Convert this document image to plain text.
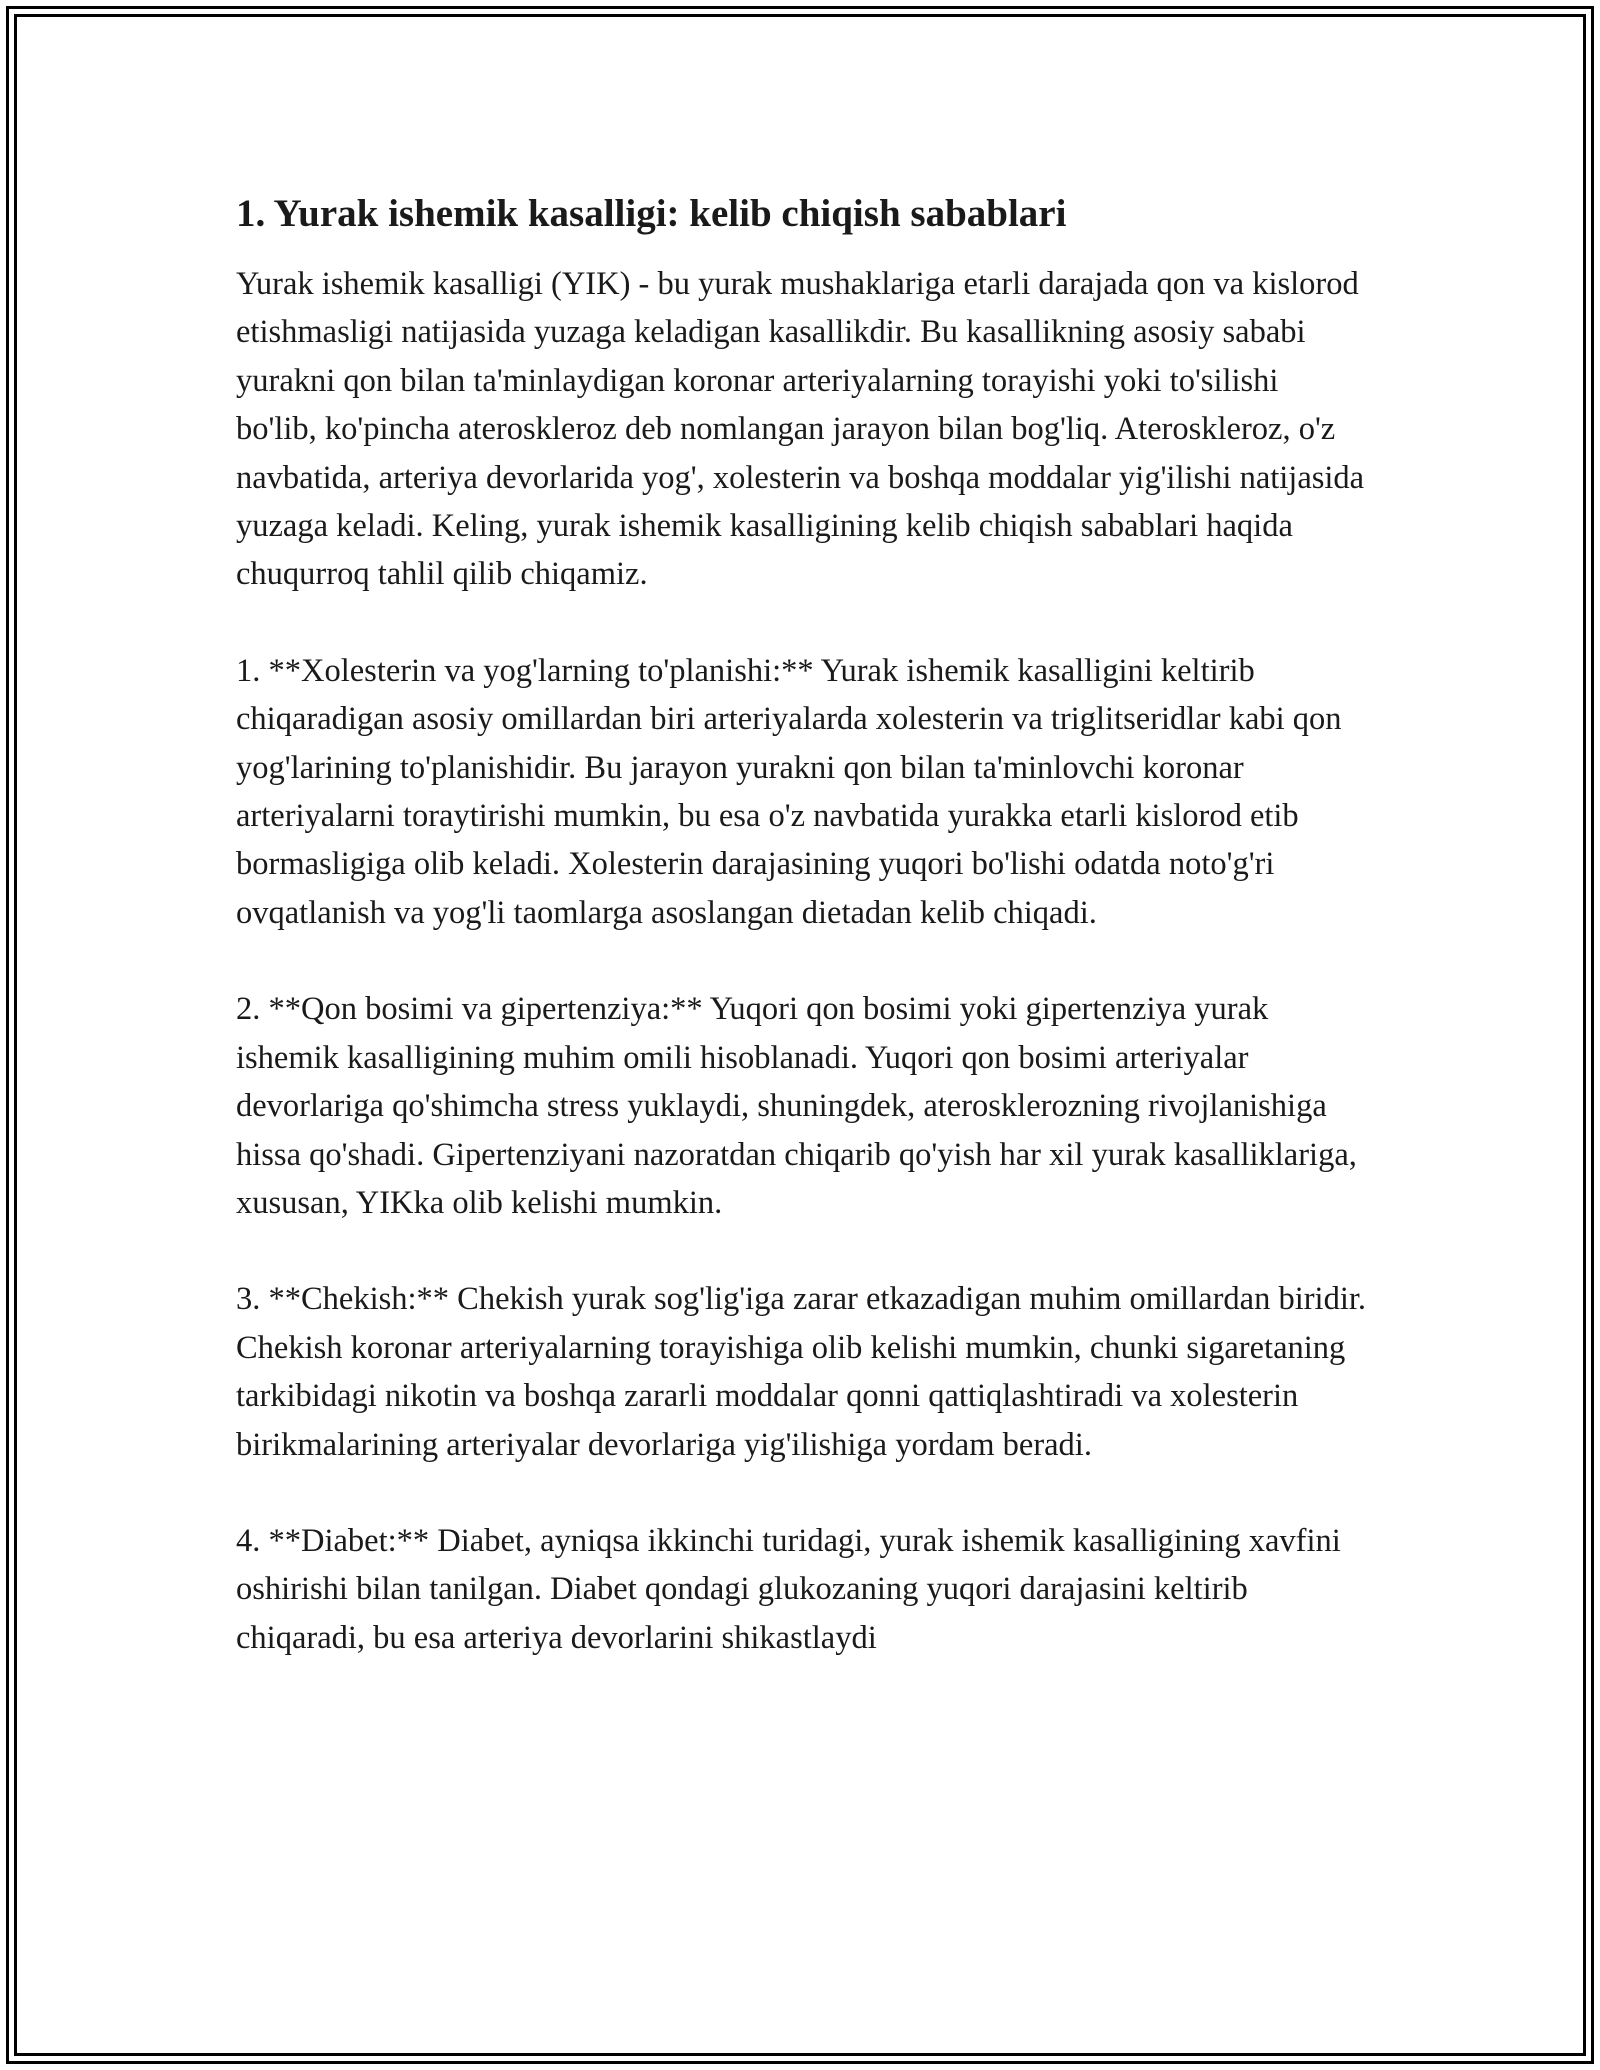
1. Yurak ishemik kasalligi: kelib chiqish sabablari

Yurak ishemik kasalligi (YIK) - bu yurak mushaklariga etarli darajada qon va kislorod etishmasligi natijasida yuzaga keladigan kasallikdir. Bu kasallikning asosiy sababi yurakni qon bilan ta'minlaydigan koronar arteriyalarning torayishi yoki to'silishi bo'lib, ko'pincha ateroskleroz deb nomlangan jarayon bilan bog'liq. Ateroskleroz, o'z navbatida, arteriya devorlarida yog', xolesterin va boshqa moddalar yig'ilishi natijasida yuzaga keladi. Keling, yurak ishemik kasalligining kelib chiqish sabablari haqida chuqurroq tahlil qilib chiqamiz.

1. **Xolesterin va yog'larning to'planishi:** Yurak ishemik kasalligini keltirib chiqaradigan asosiy omillardan biri arteriyalarda xolesterin va triglitseridlar kabi qon yog'larining to'planishidir. Bu jarayon yurakni qon bilan ta'minlovchi koronar arteriyalarni toraytirishi mumkin, bu esa o'z navbatida yurakka etarli kislorod etib bormasligiga olib keladi. Xolesterin darajasining yuqori bo'lishi odatda noto'g'ri ovqatlanish va yog'li taomlarga asoslangan dietadan kelib chiqadi.

2. **Qon bosimi va gipertenziya:** Yuqori qon bosimi yoki gipertenziya yurak ishemik kasalligining muhim omili hisoblanadi. Yuqori qon bosimi arteriyalar devorlariga qo'shimcha stress yuklaydi, shuningdek, aterosklerozning rivojlanishiga hissa qo'shadi. Gipertenziyani nazoratdan chiqarib qo'yish har xil yurak kasalliklariga, xususan, YIKka olib kelishi mumkin.

3. **Chekish:** Chekish yurak sog'lig'iga zarar etkazadigan muhim omillardan biridir. Chekish koronar arteriyalarning torayishiga olib kelishi mumkin, chunki sigaretaning tarkibidagi nikotin va boshqa zararli moddalar qonni qattiqlashtiradi va xolesterin birikmalarining arteriyalar devorlariga yig'ilishiga yordam beradi.

4. **Diabet:** Diabet, ayniqsa ikkinchi turidagi, yurak ishemik kasalligining xavfini oshirishi bilan tanilgan. Diabet qondagi glukozaning yuqori darajasini keltirib chiqaradi, bu esa arteriya devorlarini shikastlaydi
